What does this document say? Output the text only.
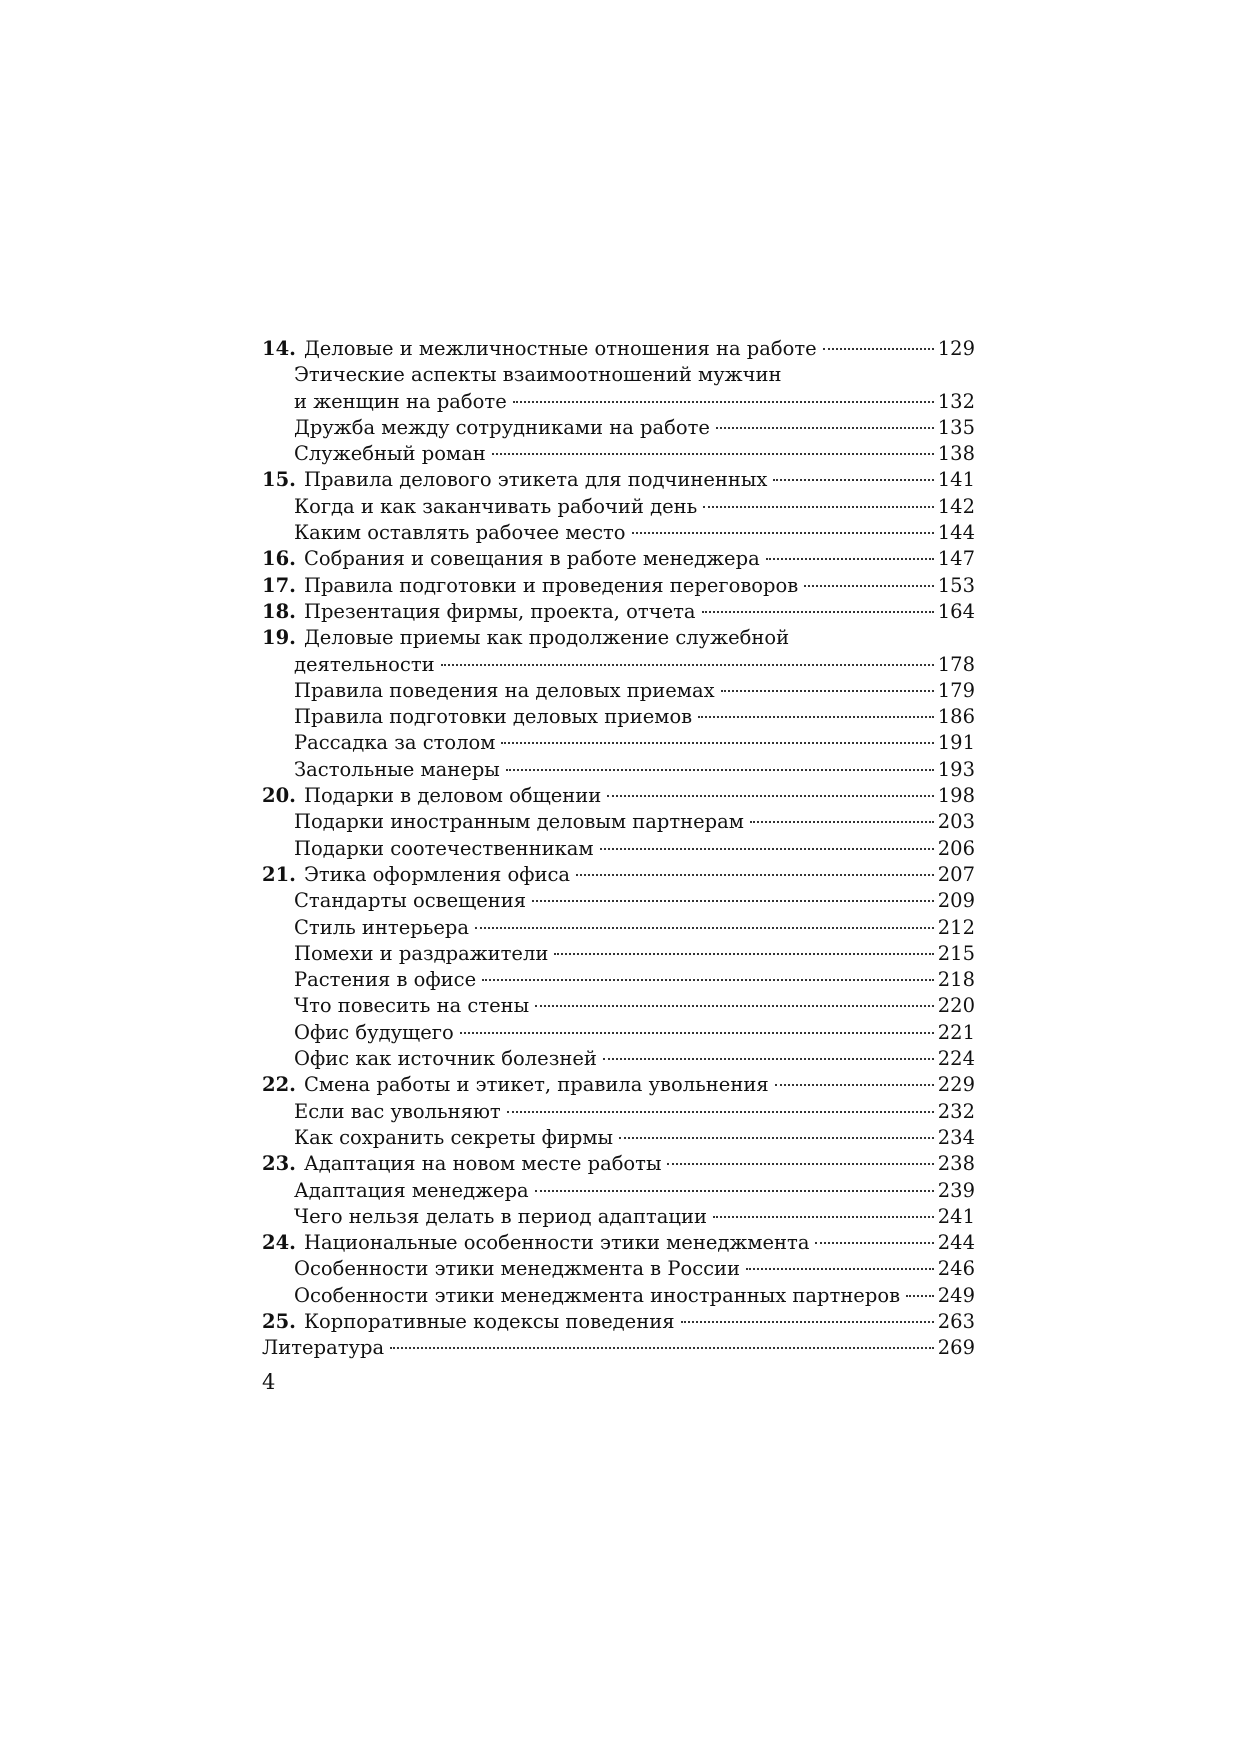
14. Деловые и межличностные отношения на работе	129
Этические аспекты взаимоотношений мужчин
и женщин на работе	132
Дружба между сотрудниками на работе	135
Служебный роман	138
15. Правила делового этикета для подчиненных	141
Когда и как заканчивать рабочий день	142
Каким оставлять рабочее место	144
16. Собрания и совещания в работе менеджера	147
17. Правила подготовки и проведения переговоров	153
18. Презентация фирмы, проекта, отчета	164
19. Деловые приемы как продолжение служебной
деятельности	178
Правила поведения на деловых приемах	179
Правила подготовки деловых приемов	186
Рассадка за столом	191
Застольные манеры	193
20. Подарки в деловом общении	198
Подарки иностранным деловым партнерам	203
Подарки соотечественникам	206
21. Этика оформления офиса	207
Стандарты освещения	209
Стиль интерьера	212
Помехи и раздражители	215
Растения в офисе	218
Что повесить на стены	220
Офис будущего	221
Офис как источник болезней	224
22. Смена работы и этикет, правила увольнения	229
Если вас увольняют	232
Как сохранить секреты фирмы	234
23. Адаптация на новом месте работы	238
Адаптация менеджера	239
Чего нельзя делать в период адаптации	241
24. Национальные особенности этики менеджмента	244
Особенности этики менеджмента в России	246
Особенности этики менеджмента иностранных партнеров 249
25. Корпоративные кодексы поведения	263
Литература	269
4
